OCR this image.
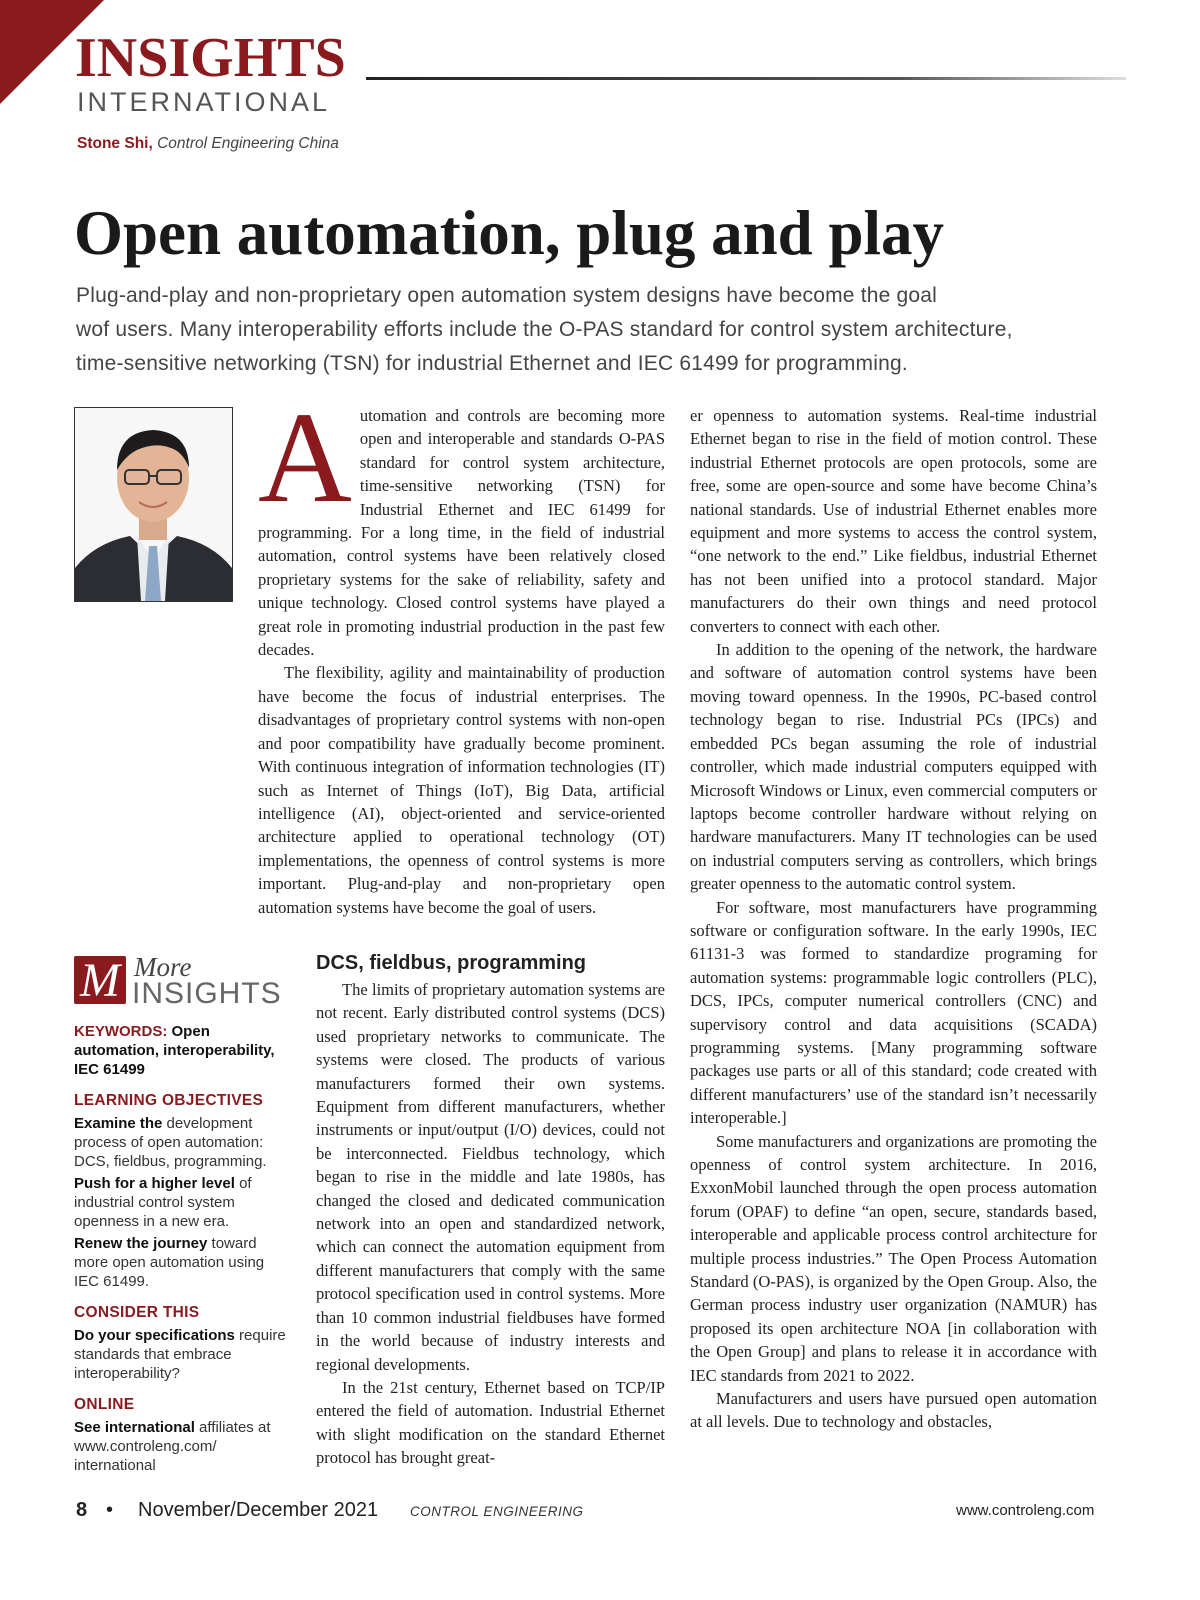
INSIGHTS
INTERNATIONAL
Stone Shi, Control Engineering China
Open automation, plug and play
Plug-and-play and non-proprietary open automation system designs have become the goal
wof users. Many interoperability efforts include the O-PAS standard for control system architecture,
time-sensitive networking (TSN) for industrial Ethernet and IEC 61499 for programming.

Automation and controls are becoming more open and interoperable and standards O-PAS standard for control system architecture, time-sensitive networking (TSN) for Industrial Ethernet and IEC 61499 for programming. For a long time, in the field of industrial automation, control systems have been relatively closed proprietary systems for the sake of reliability, safety and unique technology. Closed control systems have played a great role in promoting industrial production in the past few decades.

The flexibility, agility and maintainability of production have become the focus of industrial enterprises. The disadvantages of proprietary control systems with non-open and poor compatibility have gradually become prominent. With continuous integration of information technologies (IT) such as Internet of Things (IoT), Big Data, artificial intelligence (AI), object-oriented and service-oriented architecture applied to operational technology (OT) implementations, the openness of control systems is more important. Plug-and-play and non-proprietary open automation systems have become the goal of users.

M More
INSIGHTS
KEYWORDS: Open automation, interoperability, IEC 61499
LEARNING OBJECTIVES
Examine the development process of open automation: DCS, fieldbus, programming.
Push for a higher level of industrial control system openness in a new era.
Renew the journey toward more open automation using IEC 61499.
CONSIDER THIS
Do your specifications require standards that embrace interoperability?
ONLINE
See international affiliates at www.controleng.com/ international
DCS, fieldbus, programming

The limits of proprietary automation systems are not recent. Early distributed control systems (DCS) used proprietary networks to communicate. The systems were closed. The products of various manufacturers formed their own systems. Equipment from different manufacturers, whether instruments or input/output (I/O) devices, could not be interconnected. Fieldbus technology, which began to rise in the middle and late 1980s, has changed the closed and dedicated communication network into an open and standardized network, which can connect the automation equipment from different manufacturers that comply with the same protocol specification used in control systems. More than 10 common industrial fieldbuses have formed in the world because of industry interests and regional developments.

In the 21st century, Ethernet based on TCP/IP entered the field of automation. Industrial Ethernet with slight modification on the standard Ethernet protocol has brought great-

er openness to automation systems. Real-time industrial Ethernet began to rise in the field of motion control. These industrial Ethernet protocols are open protocols, some are free, some are open-source and some have become China’s national standards. Use of industrial Ethernet enables more equipment and more systems to access the control system, “one network to the end.” Like fieldbus, industrial Ethernet has not been unified into a protocol standard. Major manufacturers do their own things and need protocol converters to connect with each other.

In addition to the opening of the network, the hardware and software of automation control systems have been moving toward openness. In the 1990s, PC-based control technology began to rise. Industrial PCs (IPCs) and embedded PCs began assuming the role of industrial controller, which made industrial computers equipped with Microsoft Windows or Linux, even commercial computers or laptops become controller hardware without relying on hardware manufacturers. Many IT technologies can be used on industrial computers serving as controllers, which brings greater openness to the automatic control system.

For software, most manufacturers have programming software or configuration software. In the early 1990s, IEC 61131-3 was formed to standardize programing for automation systems: programmable logic controllers (PLC), DCS, IPCs, computer numerical controllers (CNC) and supervisory control and data acquisitions (SCADA) programming systems. [Many programming software packages use parts or all of this standard; code created with different manufacturers’ use of the standard isn’t necessarily interoperable.]

Some manufacturers and organizations are promoting the openness of control system architecture. In 2016, ExxonMobil launched through the open process automation forum (OPAF) to define “an open, secure, standards based, interoperable and applicable process control architecture for multiple process industries.” The Open Process Automation Standard (O-PAS), is organized by the Open Group. Also, the German process industry user organization (NAMUR) has proposed its open architecture NOA [in collaboration with the Open Group] and plans to release it in accordance with IEC standards from 2021 to 2022.

Manufacturers and users have pursued open automation at all levels. Due to technology and obstacles,

8 • November/December 2021 CONTROL ENGINEERING	www.controleng.com
